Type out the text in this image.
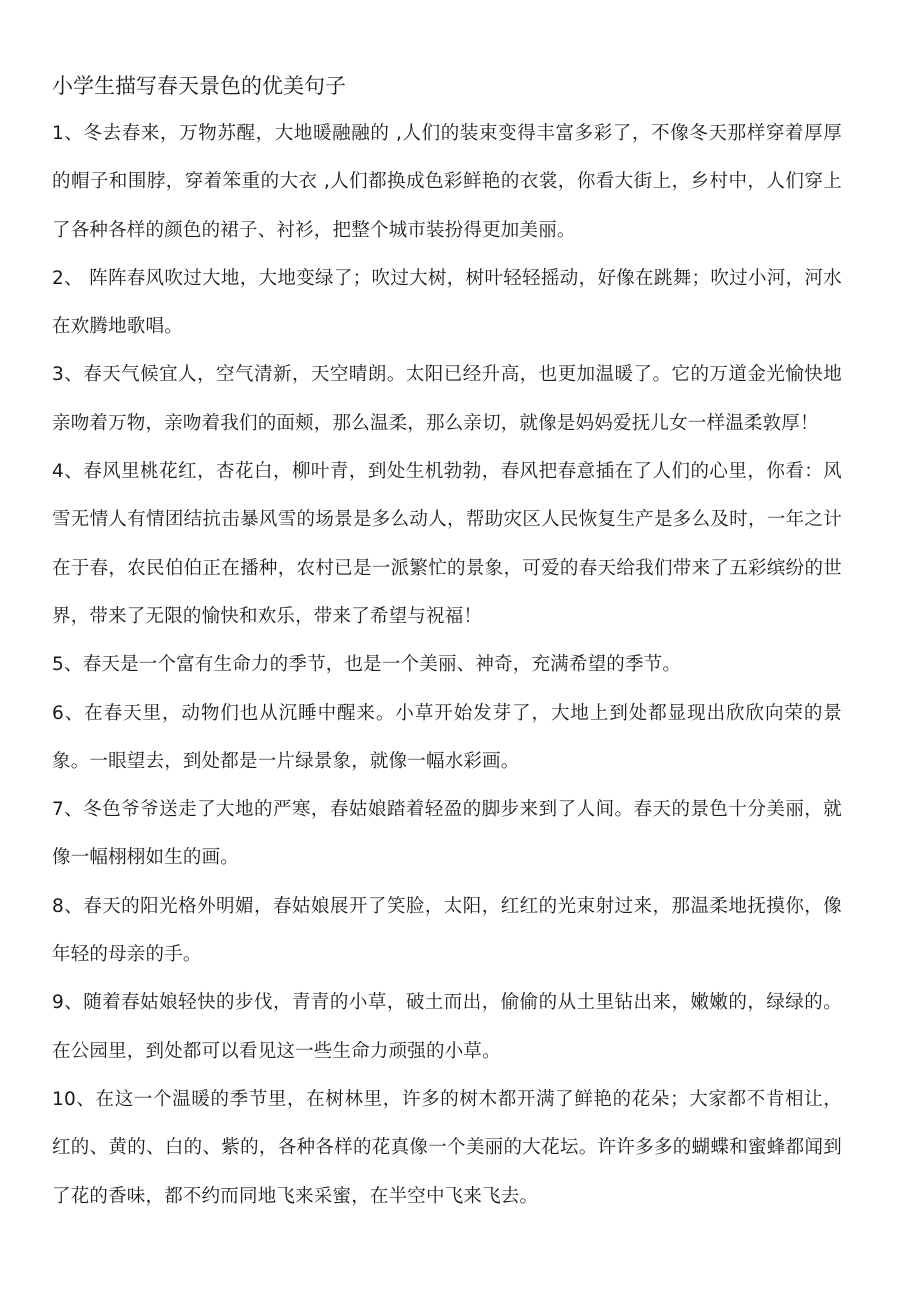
小学生描写春天景色的优美句子

1、冬去春来，万物苏醒，大地暖融融的 ,人们的装束变得丰富多彩了，不像冬天那样穿着厚厚的帽子和围脖，穿着笨重的大衣 ,人们都换成色彩鲜艳的衣裳，你看大街上，乡村中，人们穿上了各种各样的颜色的裙子、衬衫，把整个城市装扮得更加美丽。

2、 阵阵春风吹过大地，大地变绿了；吹过大树，树叶轻轻摇动，好像在跳舞；吹过小河，河水在欢腾地歌唱。

3、春天气候宜人，空气清新，天空晴朗。太阳已经升高，也更加温暖了。它的万道金光愉快地亲吻着万物，亲吻着我们的面颊，那么温柔，那么亲切，就像是妈妈爱抚儿女一样温柔敦厚！

4、春风里桃花红，杏花白，柳叶青，到处生机勃勃，春风把春意插在了人们的心里，你看：风雪无情人有情团结抗击暴风雪的场景是多么动人，帮助灾区人民恢复生产是多么及时，一年之计在于春，农民伯伯正在播种，农村已是一派繁忙的景象，可爱的春天给我们带来了五彩缤纷的世界，带来了无限的愉快和欢乐，带来了希望与祝福！

5、春天是一个富有生命力的季节，也是一个美丽、神奇，充满希望的季节。

6、在春天里，动物们也从沉睡中醒来。小草开始发芽了，大地上到处都显现出欣欣向荣的景象。一眼望去，到处都是一片绿景象，就像一幅水彩画。

7、冬色爷爷送走了大地的严寒，春姑娘踏着轻盈的脚步来到了人间。春天的景色十分美丽，就像一幅栩栩如生的画。

8、春天的阳光格外明媚，春姑娘展开了笑脸，太阳，红红的光束射过来，那温柔地抚摸你，像年轻的母亲的手。

9、随着春姑娘轻快的步伐，青青的小草，破土而出，偷偷的从土里钻出来，嫩嫩的，绿绿的。在公园里，到处都可以看见这一些生命力顽强的小草。

10、在这一个温暖的季节里，在树林里，许多的树木都开满了鲜艳的花朵；大家都不肯相让，红的、黄的、白的、紫的，各种各样的花真像一个美丽的大花坛。许许多多的蝴蝶和蜜蜂都闻到了花的香味，都不约而同地飞来采蜜，在半空中飞来飞去。
